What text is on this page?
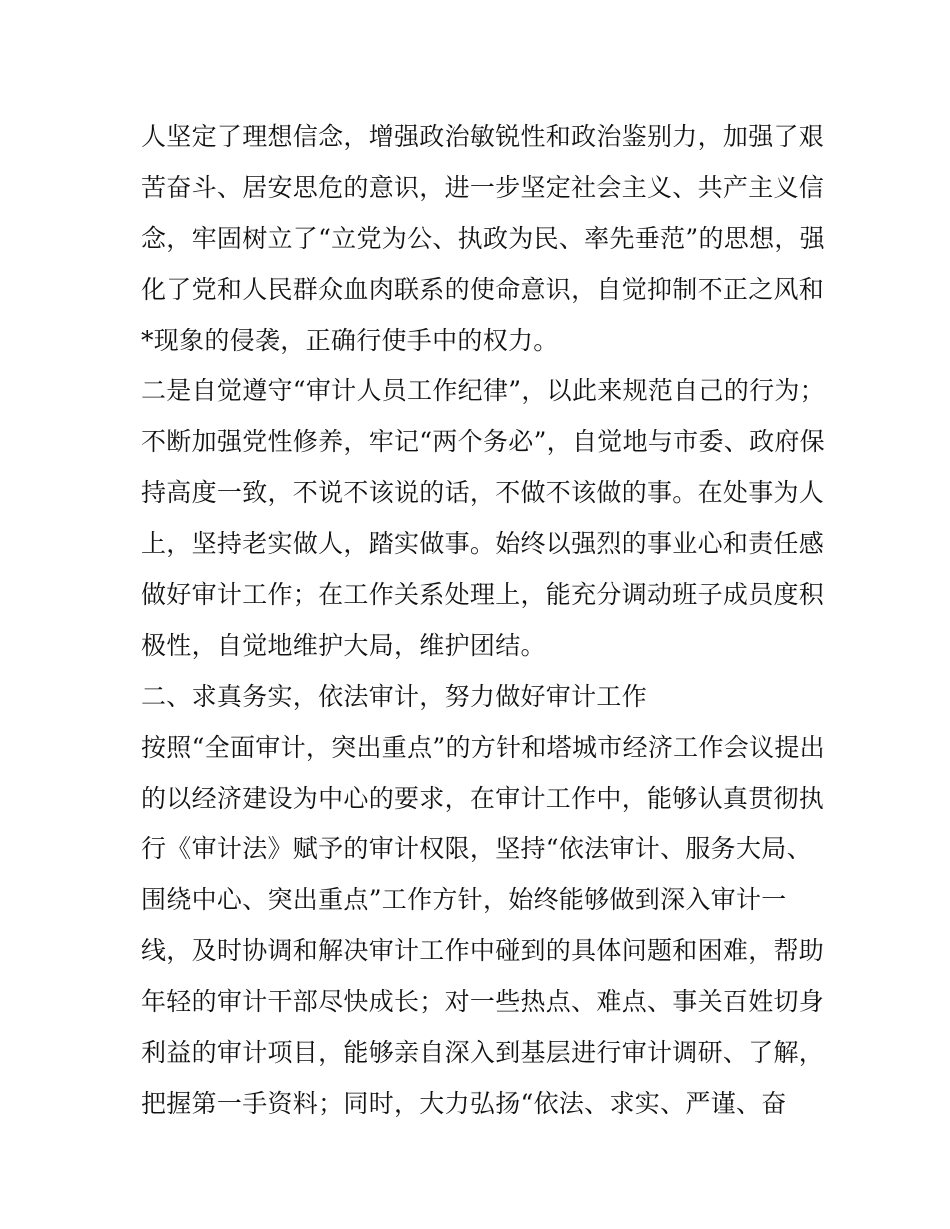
人坚定了理想信念，增强政治敏锐性和政治鉴别力，加强了艰
苦奋斗、居安思危的意识，进一步坚定社会主义、共产主义信
念，牢固树立了“立党为公、执政为民、率先垂范”的思想，强
化了党和人民群众血肉联系的使命意识，自觉抑制不正之风和
*现象的侵袭，正确行使手中的权力。
二是自觉遵守“审计人员工作纪律”，以此来规范自己的行为；
不断加强党性修养，牢记“两个务必”，自觉地与市委、政府保
持高度一致，不说不该说的话，不做不该做的事。在处事为人
上，坚持老实做人，踏实做事。始终以强烈的事业心和责任感
做好审计工作；在工作关系处理上，能充分调动班子成员度积
极性，自觉地维护大局，维护团结。
二、求真务实，依法审计，努力做好审计工作
按照“全面审计，突出重点”的方针和塔城市经济工作会议提出
的以经济建设为中心的要求，在审计工作中，能够认真贯彻执
行《审计法》赋予的审计权限，坚持“依法审计、服务大局、
围绕中心、突出重点”工作方针，始终能够做到深入审计一
线，及时协调和解决审计工作中碰到的具体问题和困难，帮助
年轻的审计干部尽快成长；对一些热点、难点、事关百姓切身
利益的审计项目，能够亲自深入到基层进行审计调研、了解，
把握第一手资料；同时，大力弘扬“依法、求实、严谨、奋
